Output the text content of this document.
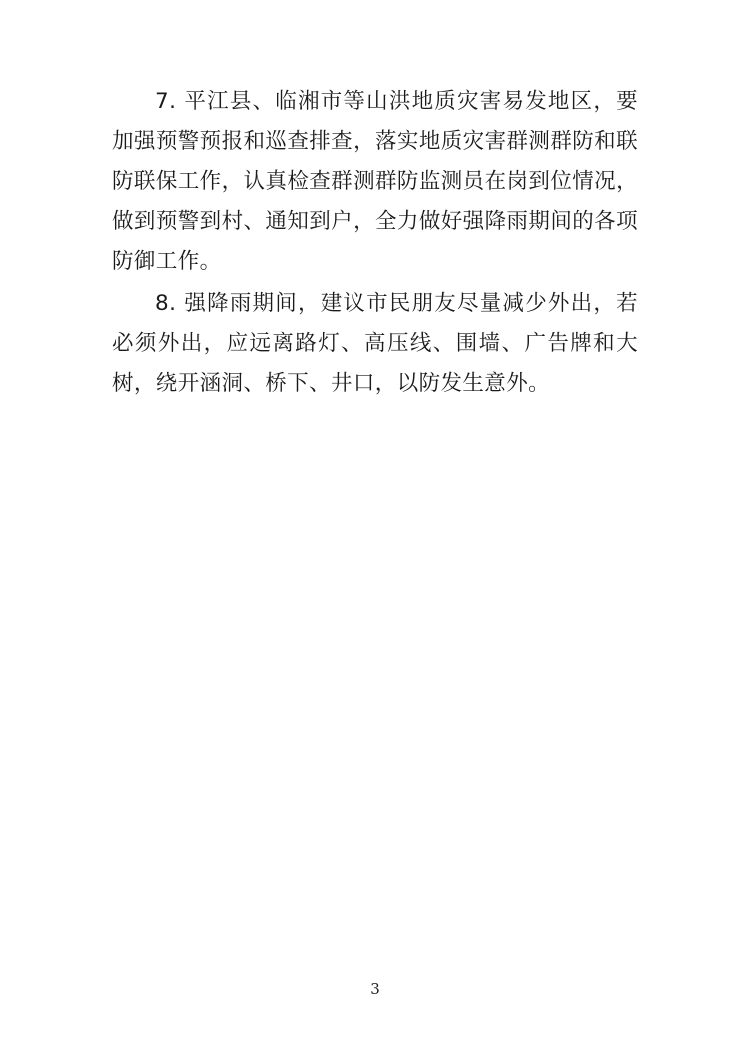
7. 平江县、临湘市等山洪地质灾害易发地区，要加强预警预报和巡查排查，落实地质灾害群测群防和联防联保工作，认真检查群测群防监测员在岗到位情况，做到预警到村、通知到户，全力做好强降雨期间的各项防御工作。

8. 强降雨期间，建议市民朋友尽量减少外出，若必须外出，应远离路灯、高压线、围墙、广告牌和大树，绕开涵洞、桥下、井口，以防发生意外。

3
